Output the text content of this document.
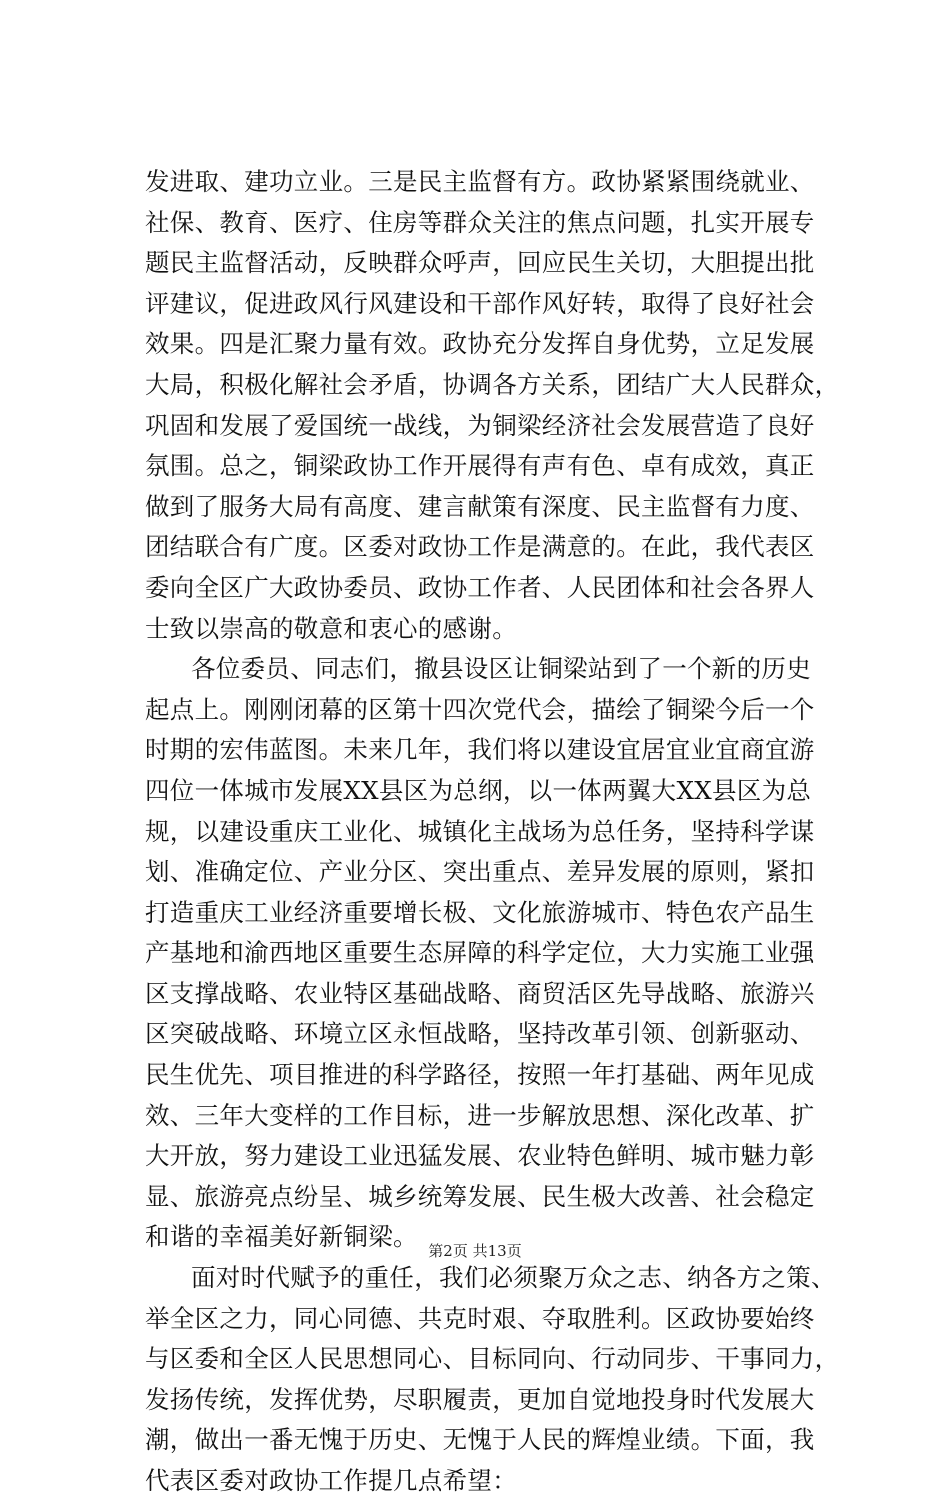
发进取、建功立业。三是民主监督有方。政协紧紧围绕就业、
社保、教育、医疗、住房等群众关注的焦点问题，扎实开展专
题民主监督活动，反映群众呼声，回应民生关切，大胆提出批
评建议，促进政风行风建设和干部作风好转，取得了良好社会
效果。四是汇聚力量有效。政协充分发挥自身优势，立足发展
大局，积极化解社会矛盾，协调各方关系，团结广大人民群众，
巩固和发展了爱国统一战线，为铜梁经济社会发展营造了良好
氛围。总之，铜梁政协工作开展得有声有色、卓有成效，真正
做到了服务大局有高度、建言献策有深度、民主监督有力度、
团结联合有广度。区委对政协工作是满意的。在此，我代表区
委向全区广大政协委员、政协工作者、人民团体和社会各界人
士致以崇高的敬意和衷心的感谢。
各位委员、同志们，撤县设区让铜梁站到了一个新的历史
起点上。刚刚闭幕的区第十四次党代会，描绘了铜梁今后一个
时期的宏伟蓝图。未来几年，我们将以建设宜居宜业宜商宜游
四位一体城市发展XX县区为总纲，以一体两翼大XX县区为总
规，以建设重庆工业化、城镇化主战场为总任务，坚持科学谋
划、准确定位、产业分区、突出重点、差异发展的原则，紧扣
打造重庆工业经济重要增长极、文化旅游城市、特色农产品生
产基地和渝西地区重要生态屏障的科学定位，大力实施工业强
区支撑战略、农业特区基础战略、商贸活区先导战略、旅游兴
区突破战略、环境立区永恒战略，坚持改革引领、创新驱动、
民生优先、项目推进的科学路径，按照一年打基础、两年见成
效、三年大变样的工作目标，进一步解放思想、深化改革、扩
大开放，努力建设工业迅猛发展、农业特色鲜明、城市魅力彰
显、旅游亮点纷呈、城乡统筹发展、民生极大改善、社会稳定
和谐的幸福美好新铜梁。
面对时代赋予的重任，我们必须聚万众之志、纳各方之策、
举全区之力，同心同德、共克时艰、夺取胜利。区政协要始终
与区委和全区人民思想同心、目标同向、行动同步、干事同力，
发扬传统，发挥优势，尽职履责，更加自觉地投身时代发展大
潮，做出一番无愧于历史、无愧于人民的辉煌业绩。下面，我
代表区委对政协工作提几点希望：
第2页 共13页
